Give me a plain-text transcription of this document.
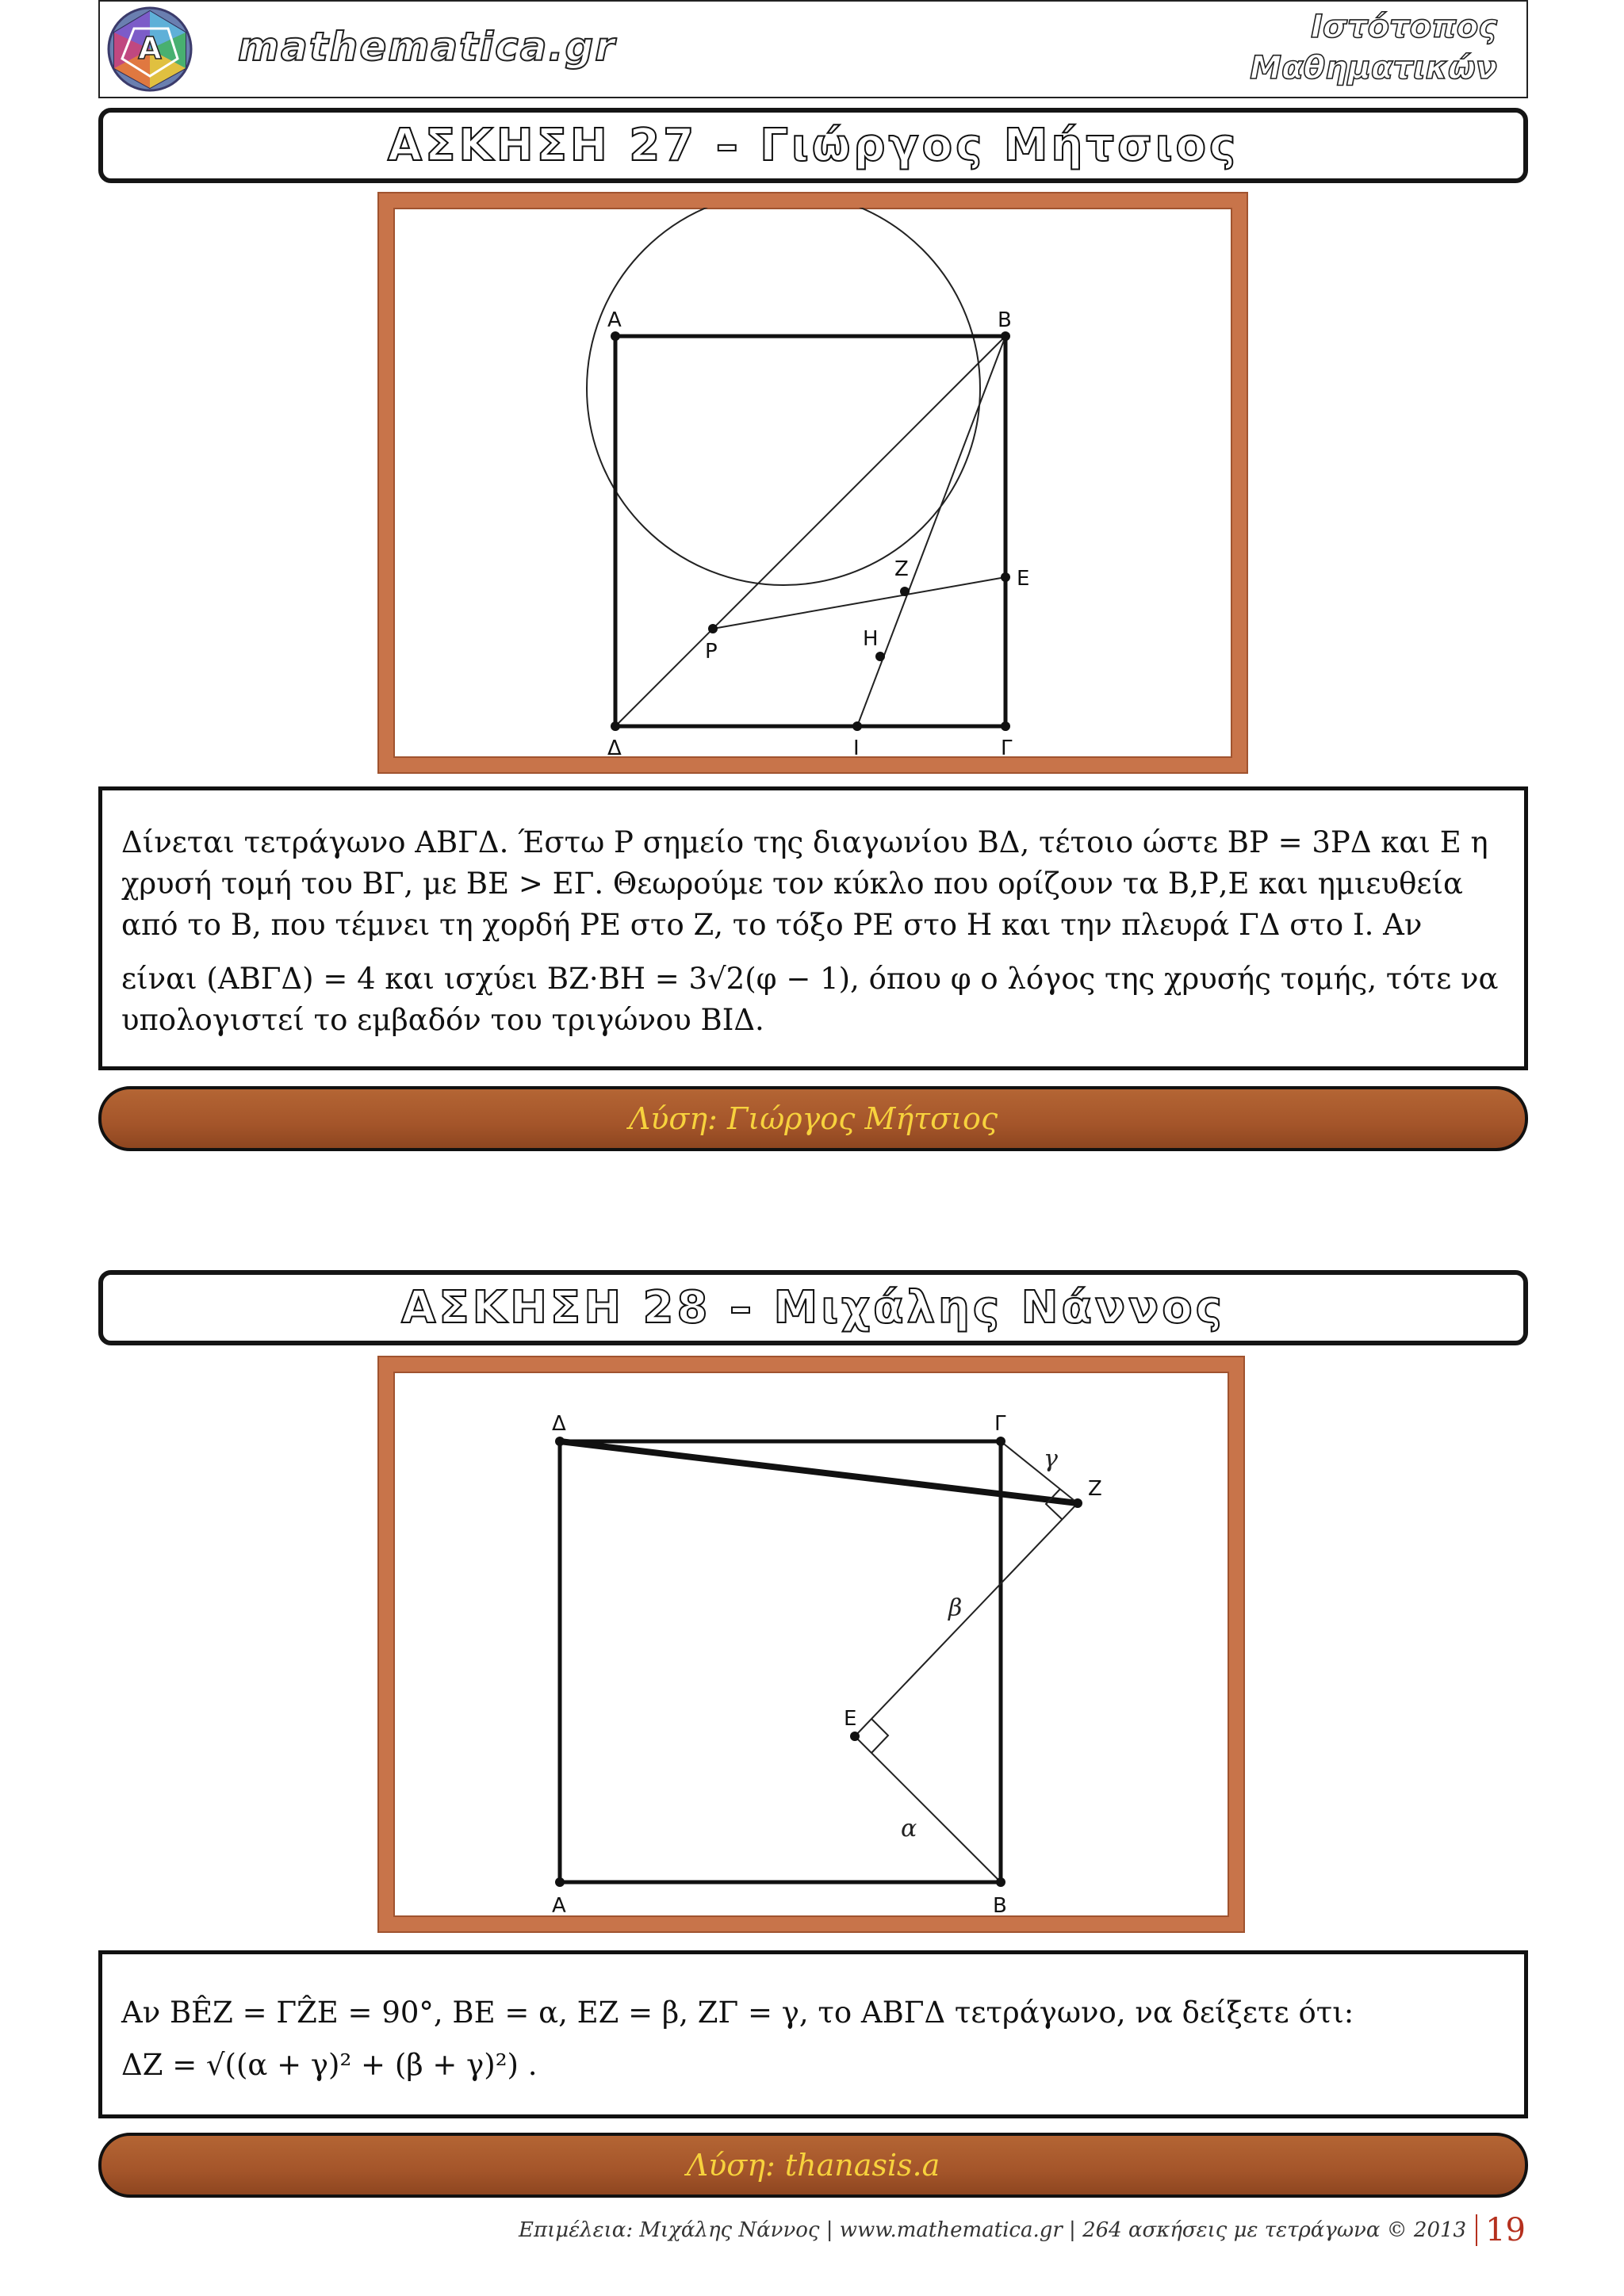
A mathematica.gr	Ιστότοπος
Μαθηματικών
ΑΣΚΗΣΗ 27 – Γιώργος Μήτσιος
Α	Β
Γ
Δ
Ρ
Ε
Ζ
Η
Ι
Δίνεται τετράγωνο ΑΒΓΔ. Έστω Ρ σημείο της διαγωνίου ΒΔ, τέτοιο ώστε ΒΡ = 3ΡΔ και Ε η
χρυσή τομή του ΒΓ, με ΒΕ > ΕΓ. Θεωρούμε τον κύκλο που ορίζουν τα Β,Ρ,Ε και ημιευθεία
από το Β, που τέμνει τη χορδή ΡΕ στο Ζ, το τόξο ΡΕ στο Η και την πλευρά ΓΔ στο Ι. Αν
είναι (ΑΒΓΔ) = 4 και ισχύει ΒΖ·ΒΗ = 3√2(φ − 1), όπου φ ο λόγος της χρυσής τομής, τότε να
υπολογιστεί το εμβαδόν του τριγώνου ΒΙΔ.
Λύση: Γιώργος Μήτσιος
ΑΣΚΗΣΗ 28 – Μιχάλης Νάννος
Δ	Γ
Ζ
Ε
Α	Β
γ
β
α
Αν ΒÊΖ = ΓẐΕ = 90°, ΒΕ = α, ΕΖ = β, ΖΓ = γ, το ΑΒΓΔ τετράγωνο, να δείξετε ότι:
ΔΖ = √((α + γ)² + (β + γ)²) .
Λύση: thanasis.a
Επιμέλεια: Μιχάλης Νάννος | www.mathematica.gr | 264 ασκήσεις με τετράγωνα © 2013 19
